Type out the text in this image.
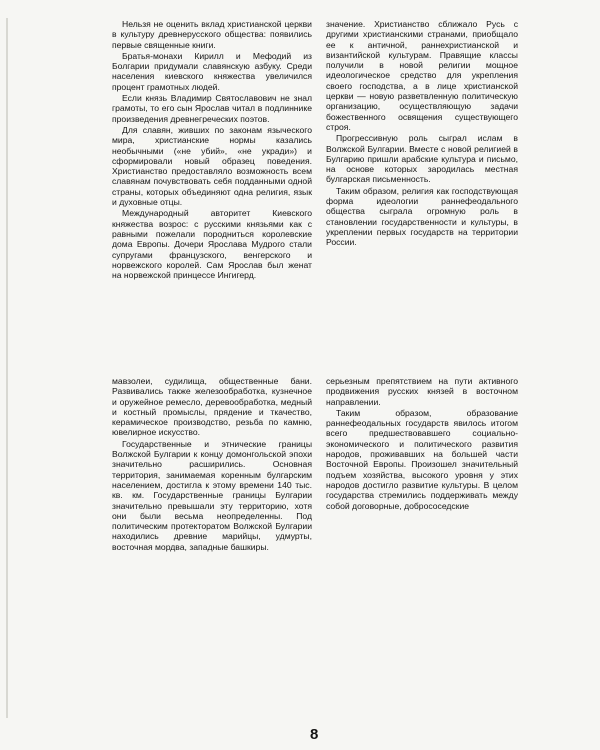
Нельзя не оценить вклад христианской церкви в культуру древнерусского общества: появились первые священные книги.

Братья-монахи Кирилл и Мефодий из Болгарии придумали славянскую азбуку. Среди населения киевского княжества увеличился процент грамотных людей.

Если князь Владимир Святославович не знал грамоты, то его сын Ярослав читал в подлиннике произведения древнегреческих поэтов.

Для славян, живших по законам языческого мира, христианские нормы казались необычными («не убий», «не укради») и сформировали новый образец поведения. Христианство предоставляло возможность всем славянам почувствовать себя подданными одной страны, которых объединяют одна религия, язык и духовные отцы.

Международный авторитет Киевского княжества возрос: с русскими князьями как с равными пожелали породниться королевские дома Европы. Дочери Ярослава Мудрого стали супругами французского, венгерского и норвежского королей. Сам Ярослав был женат на норвежской принцессе Ингигерд.

значение. Христианство сближало Русь с другими христианскими странами, приобщало ее к античной, раннехристианской и византийской культурам. Правящие классы получили в новой религии мощное идеологическое средство для укрепления своего господства, а в лице христианской церкви — новую разветвленную политическую организацию, осуществляющую задачи божественного освящения существующего строя.

Прогрессивную роль сыграл ислам в Волжской Булгарии. Вместе с новой религией в Булгарию пришли арабские культура и письмо, на основе которых зародилась местная булгарская письменность.

Таким образом, религия как господствующая форма идеологии раннефеодального общества сыграла огромную роль в становлении государственности и культуры, в укреплении первых государств на территории России.

мавзолеи, судилища, общественные бани. Развивались также железообработка, кузнечное и оружейное ремесло, деревообработка, медный и костный промыслы, прядение и ткачество, керамическое производство, резьба по камню, ювелирное искусство.

Государственные и этнические границы Волжской Булгарии к концу домонгольской эпохи значительно расширились. Основная территория, занимаемая коренным булгарским населением, достигла к этому времени 140 тыс. кв. км. Государственные границы Булгарии значительно превышали эту территорию, хотя они были весьма неопределенны. Под политическим протекторатом Волжской Булгарии находились древние марийцы, удмурты, восточная мордва, западные башкиры.

серьезным препятствием на пути активного продвижения русских князей в восточном направлении.

Таким образом, образование раннефеодальных государств явилось итогом всего предшествовавшего социально-экономического и политического развития народов, проживавших на большей части Восточной Европы. Произошел значительный подъем хозяйства, высокого уровня у этих народов достигло развитие культуры. В целом государства стремились поддерживать между собой договорные, добрососедские

8
